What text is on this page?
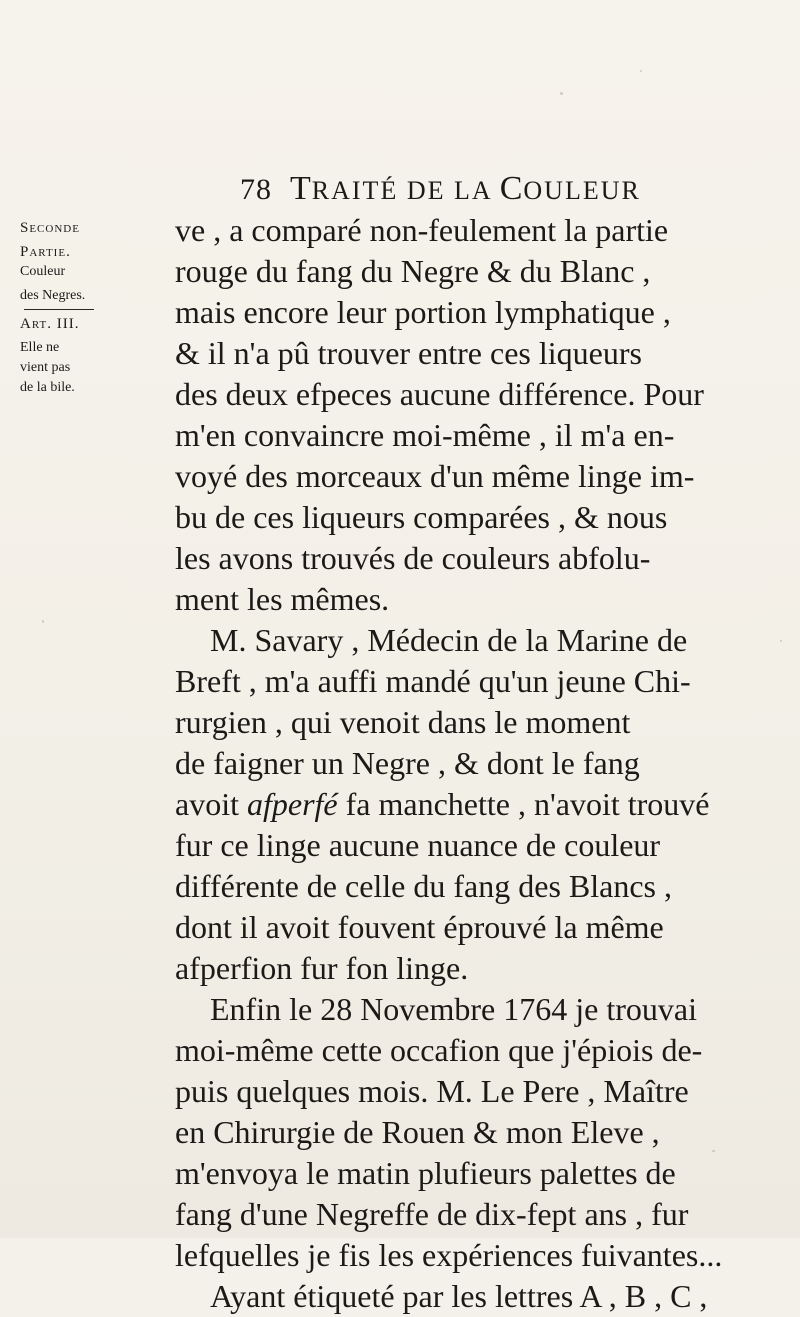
78 TRAITÉ DE LA COULEUR
Seconde
Partie.
Couleur
des Negres.
Art. III.
Elle ne
vient pas
de la bile.
ve , a comparé non-feulement la partie
rouge du fang du Negre & du Blanc ,
mais encore leur portion lymphatique ,
& il n'a pû trouver entre ces liqueurs
des deux efpeces aucune différence. Pour
m'en convaincre moi-même , il m'a en-
voyé des morceaux d'un même linge im-
bu de ces liqueurs comparées , & nous
les avons trouvés de couleurs abfolu-
ment les mêmes.
M. Savary , Médecin de la Marine de
Breft , m'a auffi mandé qu'un jeune Chi-
rurgien , qui venoit dans le moment
de faigner un Negre , & dont le fang
avoit afperfé fa manchette , n'avoit trouvé
fur ce linge aucune nuance de couleur
différente de celle du fang des Blancs ,
dont il avoit fouvent éprouvé la même
afperfion fur fon linge.
Enfin le 28 Novembre 1764 je trouvai
moi-même cette occafion que j'épiois de-
puis quelques mois. M. Le Pere , Maître
en Chirurgie de Rouen & mon Eleve ,
m'envoya le matin plufieurs palettes de
fang d'une Negreffe de dix-fept ans , fur
lefquelles je fis les expériences fuivantes...
Ayant étiqueté par les lettres A , B , C ,
